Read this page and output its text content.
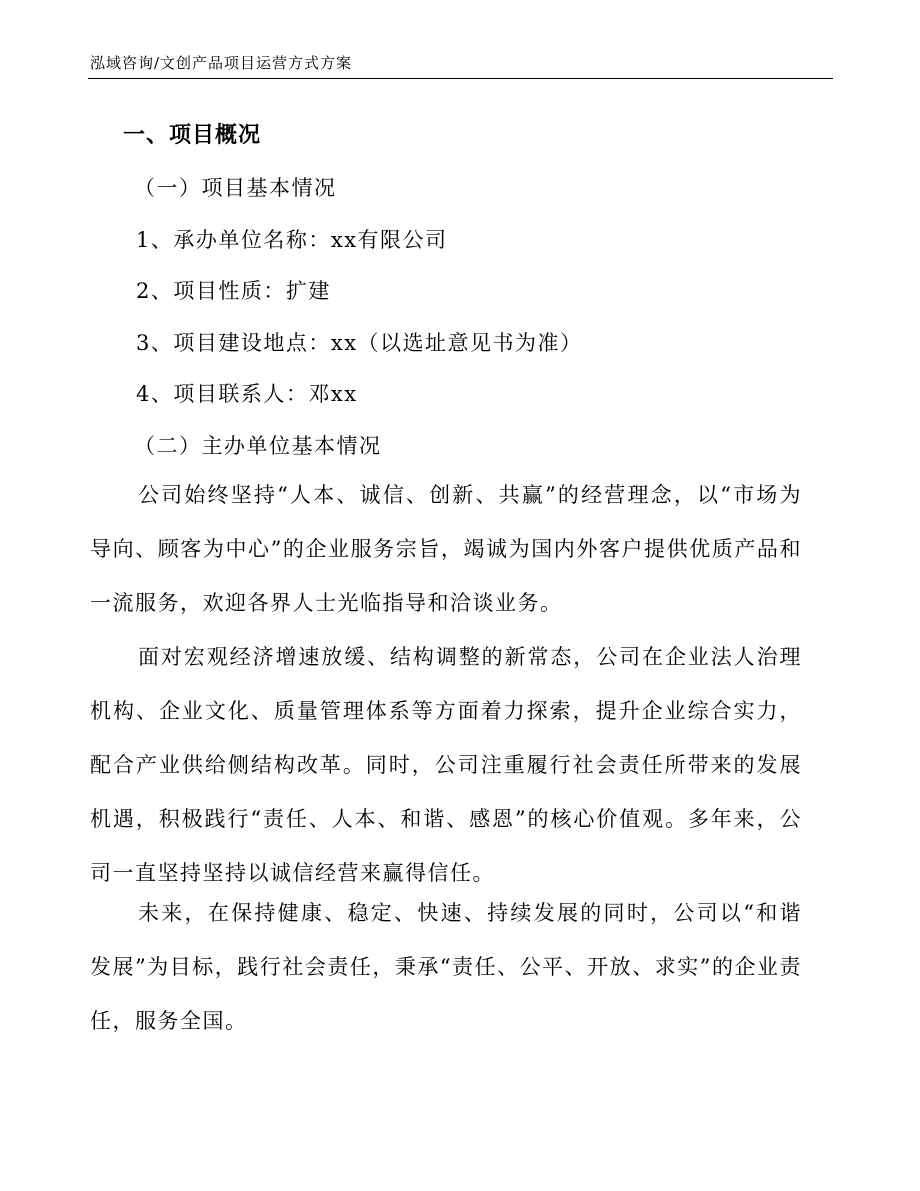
泓域咨询/文创产品项目运营方式方案
一、项目概况
（一）项目基本情况
1、承办单位名称：xx有限公司
2、项目性质：扩建
3、项目建设地点：xx（以选址意见书为准）
4、项目联系人：邓xx
（二）主办单位基本情况
公司始终坚持“人本、诚信、创新、共赢”的经营理念，以“市场为导向、顾客为中心”的企业服务宗旨，竭诚为国内外客户提供优质产品和一流服务，欢迎各界人士光临指导和洽谈业务。
面对宏观经济增速放缓、结构调整的新常态，公司在企业法人治理机构、企业文化、质量管理体系等方面着力探索，提升企业综合实力，配合产业供给侧结构改革。同时，公司注重履行社会责任所带来的发展机遇，积极践行“责任、人本、和谐、感恩”的核心价值观。多年来，公司一直坚持坚持以诚信经营来赢得信任。
未来，在保持健康、稳定、快速、持续发展的同时，公司以“和谐发展”为目标，践行社会责任，秉承“责任、公平、开放、求实”的企业责任，服务全国。
